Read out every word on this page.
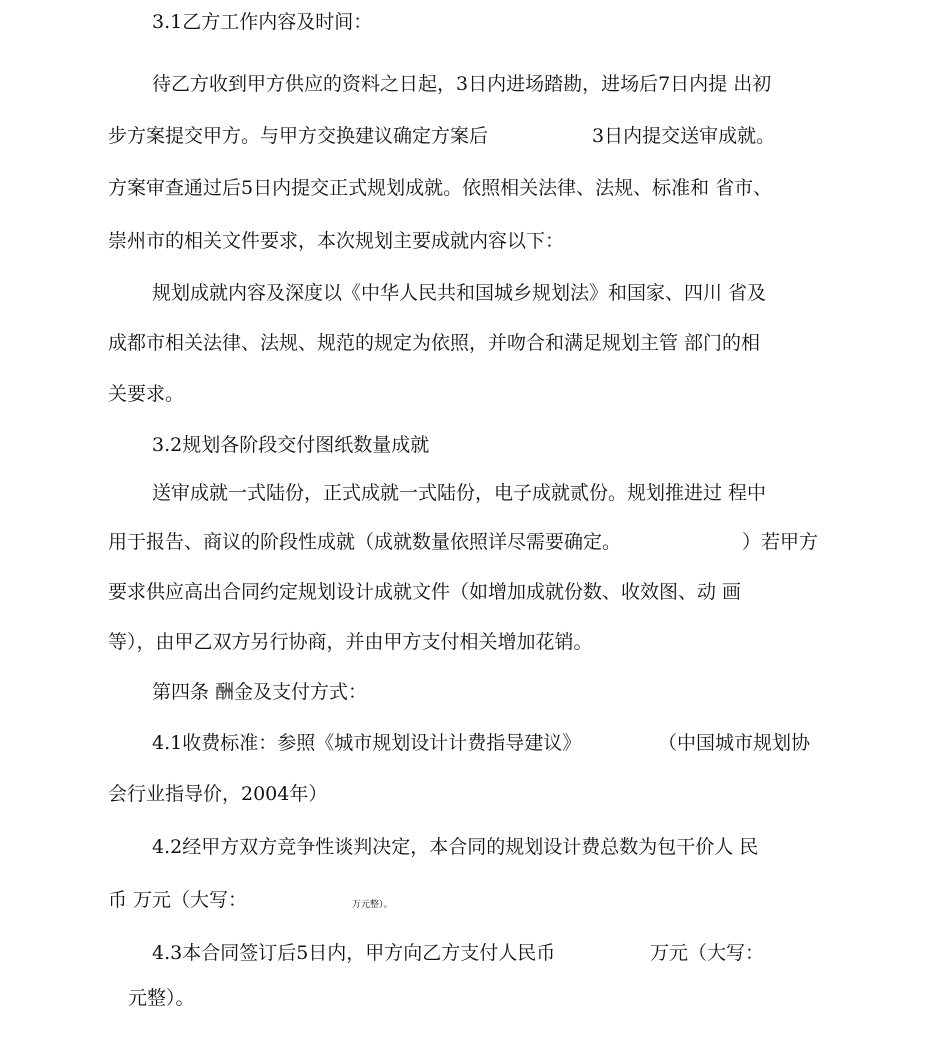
3.1乙方工作内容及时间：
待乙方收到甲方供应的资料之日起，3日内进场踏勘，进场后7日内提 出初
步方案提交甲方。与甲方交换建议确定方案后	3日内提交送审成就。
方案审查通过后5日内提交正式规划成就。依照相关法律、法规、标准和 省市、
崇州市的相关文件要求，本次规划主要成就内容以下：
规划成就内容及深度以《中华人民共和国城乡规划法》和国家、四川 省及
成都市相关法律、法规、规范的规定为依照，并吻合和满足规划主管 部门的相
关要求。
3.2规划各阶段交付图纸数量成就
送审成就一式陆份，正式成就一式陆份，电子成就贰份。规划推进过 程中
用于报告、商议的阶段性成就（成就数量依照详尽需要确定。	）若甲方
要求供应高出合同约定规划设计成就文件（如增加成就份数、收效图、动 画
等），由甲乙双方另行协商，并由甲方支付相关增加花销。
第四条 酬金及支付方式：
4.1收费标准：参照《城市规划设计计费指导建议》	（中国城市规划协
会行业指导价，2004年）
4.2经甲方双方竞争性谈判决定，本合同的规划设计费总数为包干价人 民
币 万元（大写：	万元整）。
4.3本合同签订后5日内，甲方向乙方支付人民币	万元（大写：
元整）。
